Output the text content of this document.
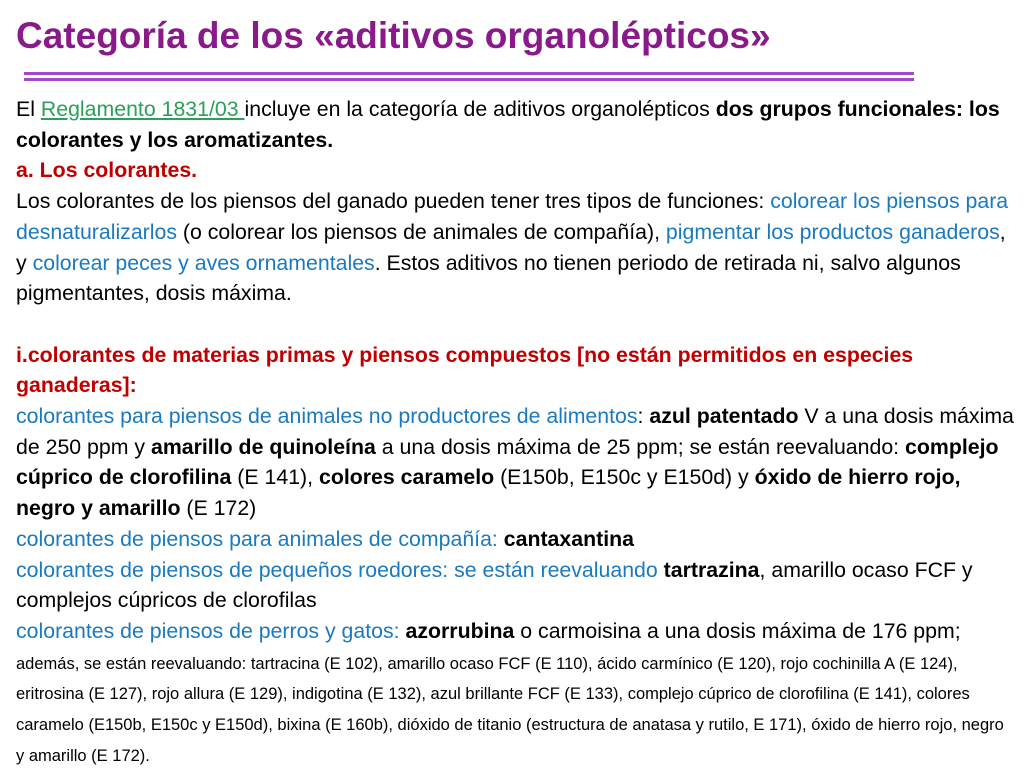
Categoría de los «aditivos organolépticos»

El Reglamento 1831/03 incluye en la categoría de aditivos organolépticos dos grupos funcionales: los colorantes y los aromatizantes.

a. Los colorantes.

Los colorantes de los piensos del ganado pueden tener tres tipos de funciones: colorear los piensos para desnaturalizarlos (o colorear los piensos de animales de compañía), pigmentar los productos ganaderos, y colorear peces y aves ornamentales. Estos aditivos no tienen periodo de retirada ni, salvo algunos pigmentantes, dosis máxima.

i.colorantes de materias primas y piensos compuestos [no están permitidos en especies ganaderas]:

colorantes para piensos de animales no productores de alimentos: azul patentado V a una dosis máxima de 250 ppm y amarillo de quinoleína a una dosis máxima de 25 ppm; se están reevaluando: complejo cúprico de clorofilina (E 141), colores caramelo (E150b, E150c y E150d) y óxido de hierro rojo, negro y amarillo (E 172)

colorantes de piensos para animales de compañía: cantaxantina

colorantes de piensos de pequeños roedores: se están reevaluando tartrazina, amarillo ocaso FCF y complejos cúpricos de clorofilas

colorantes de piensos de perros y gatos: azorrubina o carmoisina a una dosis máxima de 176 ppm; además, se están reevaluando: tartracina (E 102), amarillo ocaso FCF (E 110), ácido carmínico (E 120), rojo cochinilla A (E 124), eritrosina (E 127), rojo allura (E 129), indigotina (E 132), azul brillante FCF (E 133), complejo cúprico de clorofilina (E 141), colores caramelo (E150b, E150c y E150d), bixina (E 160b), dióxido de titanio (estructura de anatasa y rutilo, E 171), óxido de hierro rojo, negro y amarillo (E 172).
